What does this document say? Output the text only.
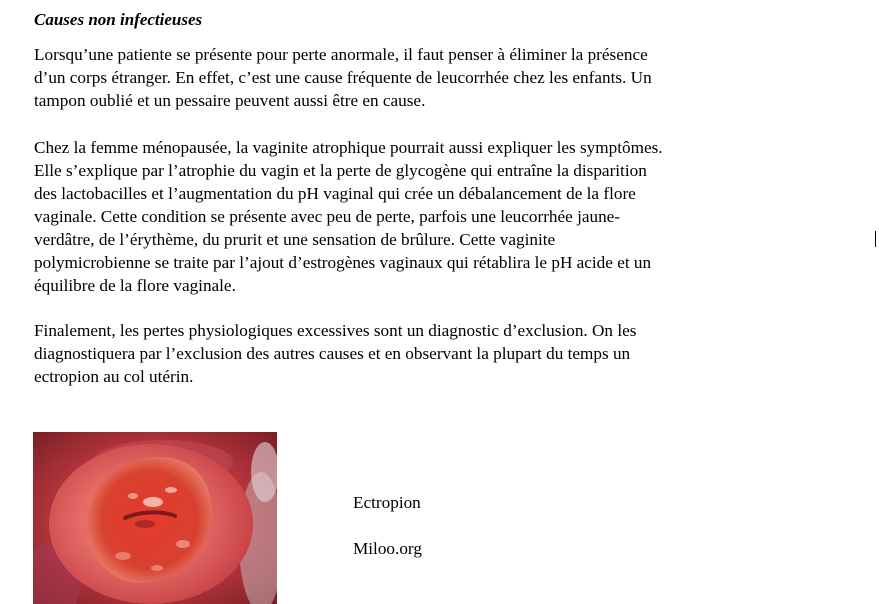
Causes non infectieuses
Lorsqu’une patiente se présente pour perte anormale, il faut penser à éliminer la présence
d’un corps étranger. En effet, c’est une cause fréquente de leucorrhée chez les enfants. Un
tampon oublié et un pessaire peuvent aussi être en cause.
Chez la femme ménopausée, la vaginite atrophique pourrait aussi expliquer les symptômes.
Elle s’explique par l’atrophie du vagin et la perte de glycogène qui entraîne la disparition
des lactobacilles et l’augmentation du pH vaginal qui crée un débalancement de la flore
vaginale. Cette condition se présente avec peu de perte, parfois une leucorrhée jaune-
verdâtre, de l’érythème, du prurit et une sensation de brûlure. Cette vaginite
polymicrobienne se traite par l’ajout d’estrogènes vaginaux qui rétablira le pH acide et un
équilibre de la flore vaginale.
Finalement, les pertes physiologiques excessives sont un diagnostic d’exclusion. On les
diagnostiquera par l’exclusion des autres causes et en observant la plupart du temps un
ectropion au col utérin.
Ectropion
Miloo.org
